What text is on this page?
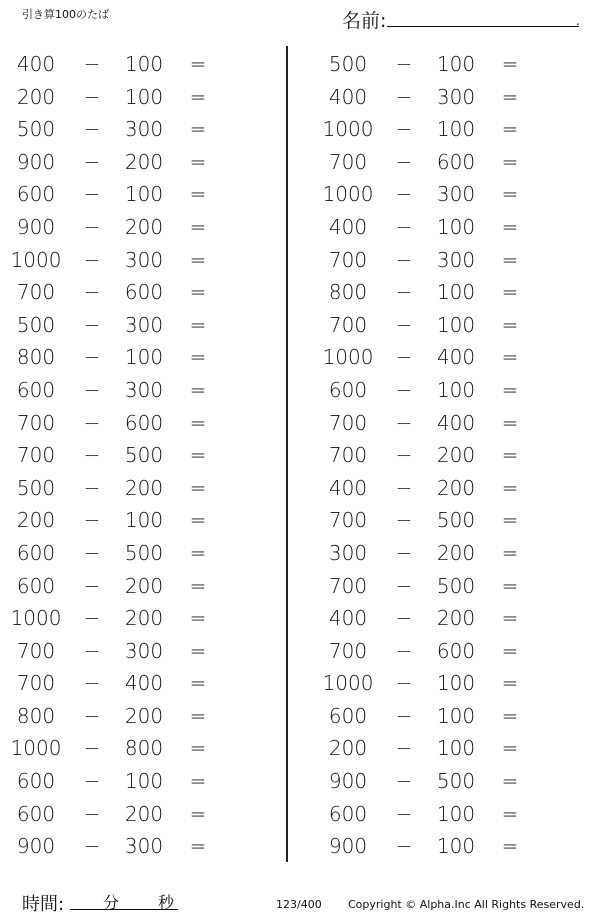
引き算100のたば	名前:	.
400	− 100 =
200	− 100 =
500	− 300 =
900	− 200 =
600	− 100 =
900	− 200 =
1000 − 300 =
700	− 600 =
500	− 300 =
800	− 100 =
600	− 300 =
700	− 600 =
700	− 500 =
500	− 200 =
200	− 100 =
600	− 500 =
600	− 200 =
1000 − 200 =
700	− 300 =
700	− 400 =
800	− 200 =
1000 − 800 =
600	− 100 =
600	− 200 =
900	− 300 =
500	− 100 =
400	− 300 =
1000 − 100 =
700	− 600 =
1000 − 300 =
400	− 100 =
700	− 300 =
800	− 100 =
700	− 100 =
1000 − 400 =
600	− 100 =
700	− 400 =
700	− 200 =
400	− 200 =
700	− 500 =
300	− 200 =
700	− 500 =
400	− 200 =
700	− 600 =
1000 − 100 =
600	− 100 =
200	− 100 =
900	− 500 =
600	− 100 =
900	− 100 =
時間: 分 秒	123/400 Copyright © Alpha.Inc All Rights Reserved.
